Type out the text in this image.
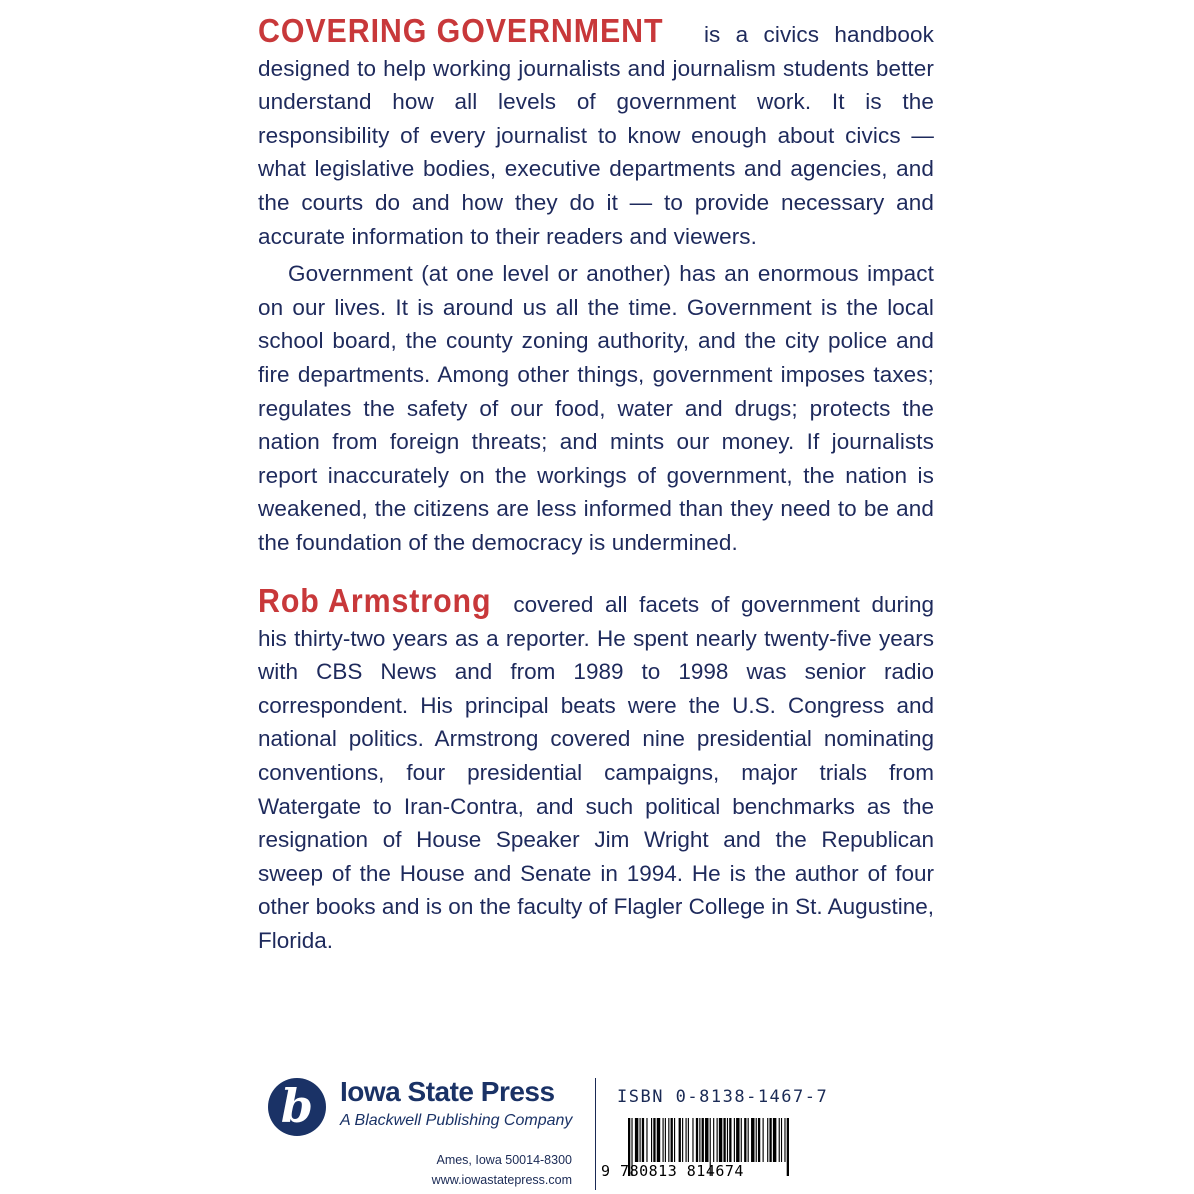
COVERING GOVERNMENT is a civics handbook designed to help working journalists and journalism students better understand how all levels of government work. It is the responsibility of every journalist to know enough about civics — what legislative bodies, executive departments and agencies, and the courts do and how they do it — to provide necessary and accurate information to their readers and viewers.

Government (at one level or another) has an enormous impact on our lives. It is around us all the time. Government is the local school board, the county zoning authority, and the city police and fire departments. Among other things, government imposes taxes; regulates the safety of our food, water and drugs; protects the nation from foreign threats; and mints our money. If journalists report inaccurately on the workings of government, the nation is weakened, the citizens are less informed than they need to be and the foundation of the democracy is undermined.

Rob Armstrong covered all facets of government during his thirty-two years as a reporter. He spent nearly twenty-five years with CBS News and from 1989 to 1998 was senior radio correspondent. His principal beats were the U.S. Congress and national politics. Armstrong covered nine presidential nominating conventions, four presidential campaigns, major trials from Watergate to Iran-Contra, and such political benchmarks as the resignation of House Speaker Jim Wright and the Republican sweep of the House and Senate in 1994. He is the author of four other books and is on the faculty of Flagler College in St. Augustine, Florida.

b Iowa State Press
A Blackwell Publishing Company
Ames, Iowa 50014-8300
www.iowastatepress.com
ISBN 0-8138-1467-7
9 780813 814674
